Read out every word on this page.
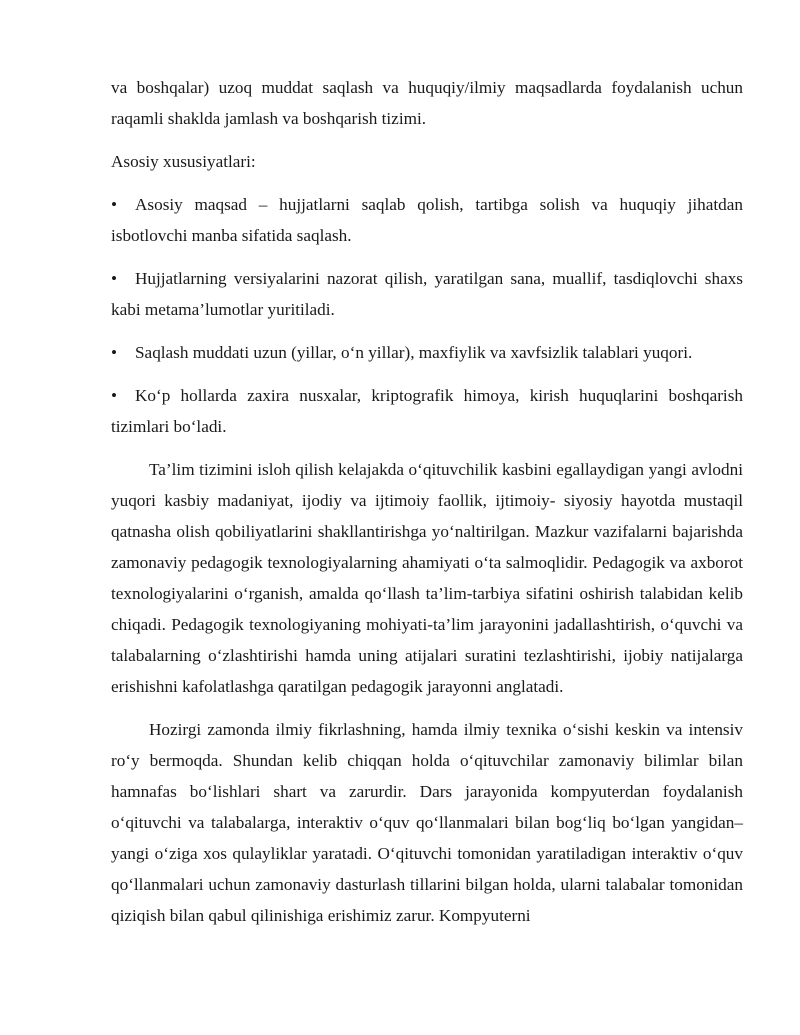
va boshqalar) uzoq muddat saqlash va huquqiy/ilmiy maqsadlarda foydalanish uchun raqamli shaklda jamlash va boshqarish tizimi.

Asosiy xususiyatlari:

• Asosiy maqsad – hujjatlarni saqlab qolish, tartibga solish va huquqiy jihatdan isbotlovchi manba sifatida saqlash.

• Hujjatlarning versiyalarini nazorat qilish, yaratilgan sana, muallif, tasdiqlovchi shaxs kabi metama’lumotlar yuritiladi.

• Saqlash muddati uzun (yillar, o‘n yillar), maxfiylik va xavfsizlik talablari yuqori.

• Ko‘p hollarda zaxira nusxalar, kriptografik himoya, kirish huquqlarini boshqarish tizimlari bo‘ladi.

Ta’lim tizimini isloh qilish kelajakda o‘qituvchilik kasbini egallaydigan yangi avlodni yuqori kasbiy madaniyat, ijodiy va ijtimoiy faollik, ijtimoiy- siyosiy hayotda mustaqil qatnasha olish qobiliyatlarini shakllantirishga yo‘naltirilgan. Mazkur vazifalarni bajarishda zamonaviy pedagogik texnologiyalarning ahamiyati o‘ta salmoqlidir. Pedagogik va axborot texnologiyalarini o‘rganish, amalda qo‘llash ta’lim-tarbiya sifatini oshirish talabidan kelib chiqadi. Pedagogik texnologiyaning mohiyati-ta’lim jarayonini jadallashtirish, o‘quvchi va talabalarning o‘zlashtirishi hamda uning atijalari suratini tezlashtirishi, ijobiy natijalarga erishishni kafolatlashga qaratilgan pedagogik jarayonni anglatadi.

Hozirgi zamonda ilmiy fikrlashning, hamda ilmiy texnika o‘sishi keskin va intensiv ro‘y bermoqda. Shundan kelib chiqqan holda o‘qituvchilar zamonaviy bilimlar bilan hamnafas bo‘lishlari shart va zarurdir. Dars jarayonida kompyuterdan foydalanish o‘qituvchi va talabalarga, interaktiv o‘quv qo‘llanmalari bilan bog‘liq bo‘lgan yangidan–yangi o‘ziga xos qulayliklar yaratadi. O‘qituvchi tomonidan yaratiladigan interaktiv o‘quv qo‘llanmalari uchun zamonaviy dasturlash tillarini bilgan holda, ularni talabalar tomonidan qiziqish bilan qabul qilinishiga erishimiz zarur. Kompyuterni
